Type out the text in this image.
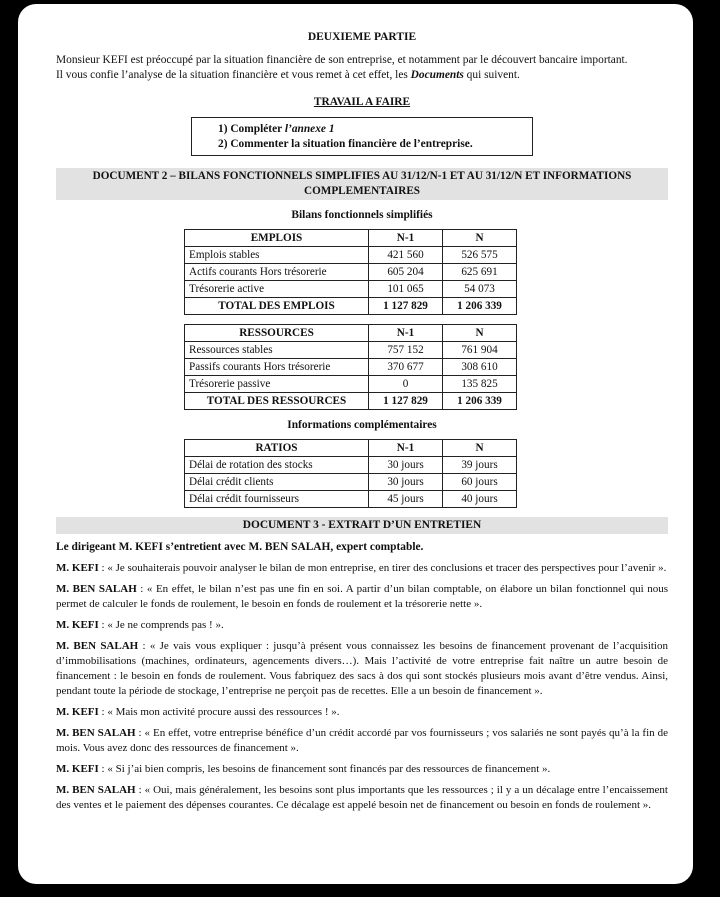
DEUXIEME PARTIE

Monsieur KEFI est préoccupé par la situation financière de son entreprise, et notamment par le découvert bancaire important.

Il vous confie l’analyse de la situation financière et vous remet à cet effet, les Documents qui suivent.

TRAVAIL A FAIRE
1) Compléter l’annexe 1
2) Commenter la situation financière de l’entreprise.
DOCUMENT 2 – BILANS FONCTIONNELS SIMPLIFIES AU 31/12/N-1 ET AU 31/12/N ET INFORMATIONS
COMPLEMENTAIRES
Bilans fonctionnels simplifiés
EMPLOIS	N-1	N
Emplois stables	421 560	526 575
Actifs courants Hors trésorerie	605 204	625 691
Trésorerie active	101 065	54 073
TOTAL DES EMPLOIS	1 127 829	1 206 339
RESSOURCES	N-1	N
Ressources stables	757 152	761 904
Passifs courants Hors trésorerie	370 677	308 610
Trésorerie passive	0	135 825
TOTAL DES RESSOURCES	1 127 829	1 206 339
Informations complémentaires
RATIOS	N-1	N
Délai de rotation des stocks	30 jours	39 jours
Délai crédit clients	30 jours	60 jours
Délai crédit fournisseurs	45 jours	40 jours
DOCUMENT 3 - EXTRAIT D’UN ENTRETIEN
Le dirigeant M. KEFI s’entretient avec M. BEN SALAH, expert comptable.
M. KEFI : « Je souhaiterais pouvoir analyser le bilan de mon entreprise, en tirer des conclusions et tracer des perspectives pour l’avenir ».
M. BEN SALAH : « En effet, le bilan n’est pas une fin en soi. A partir d’un bilan comptable, on élabore un bilan fonctionnel qui nous permet de calculer le fonds de roulement, le besoin en fonds de roulement et la trésorerie nette ».
M. KEFI : « Je ne comprends pas ! ».
M. BEN SALAH : « Je vais vous expliquer : jusqu’à présent vous connaissez les besoins de financement provenant de l’acquisition d’immobilisations (machines, ordinateurs, agencements divers…). Mais l’activité de votre entreprise fait naître un autre besoin de financement : le besoin en fonds de roulement. Vous fabriquez des sacs à dos qui sont stockés plusieurs mois avant d’être vendus. Ainsi, pendant toute la période de stockage, l’entreprise ne perçoit pas de recettes. Elle a un besoin de financement ».
M. KEFI : « Mais mon activité procure aussi des ressources ! ».
M. BEN SALAH : « En effet, votre entreprise bénéfice d’un crédit accordé par vos fournisseurs ; vos salariés ne sont payés qu’à la fin de mois. Vous avez donc des ressources de financement ».
M. KEFI : « Si j’ai bien compris, les besoins de financement sont financés par des ressources de financement ».
M. BEN SALAH : « Oui, mais généralement, les besoins sont plus importants que les ressources ; il y a un décalage entre l’encaissement des ventes et le paiement des dépenses courantes. Ce décalage est appelé besoin net de financement ou besoin en fonds de roulement ».
